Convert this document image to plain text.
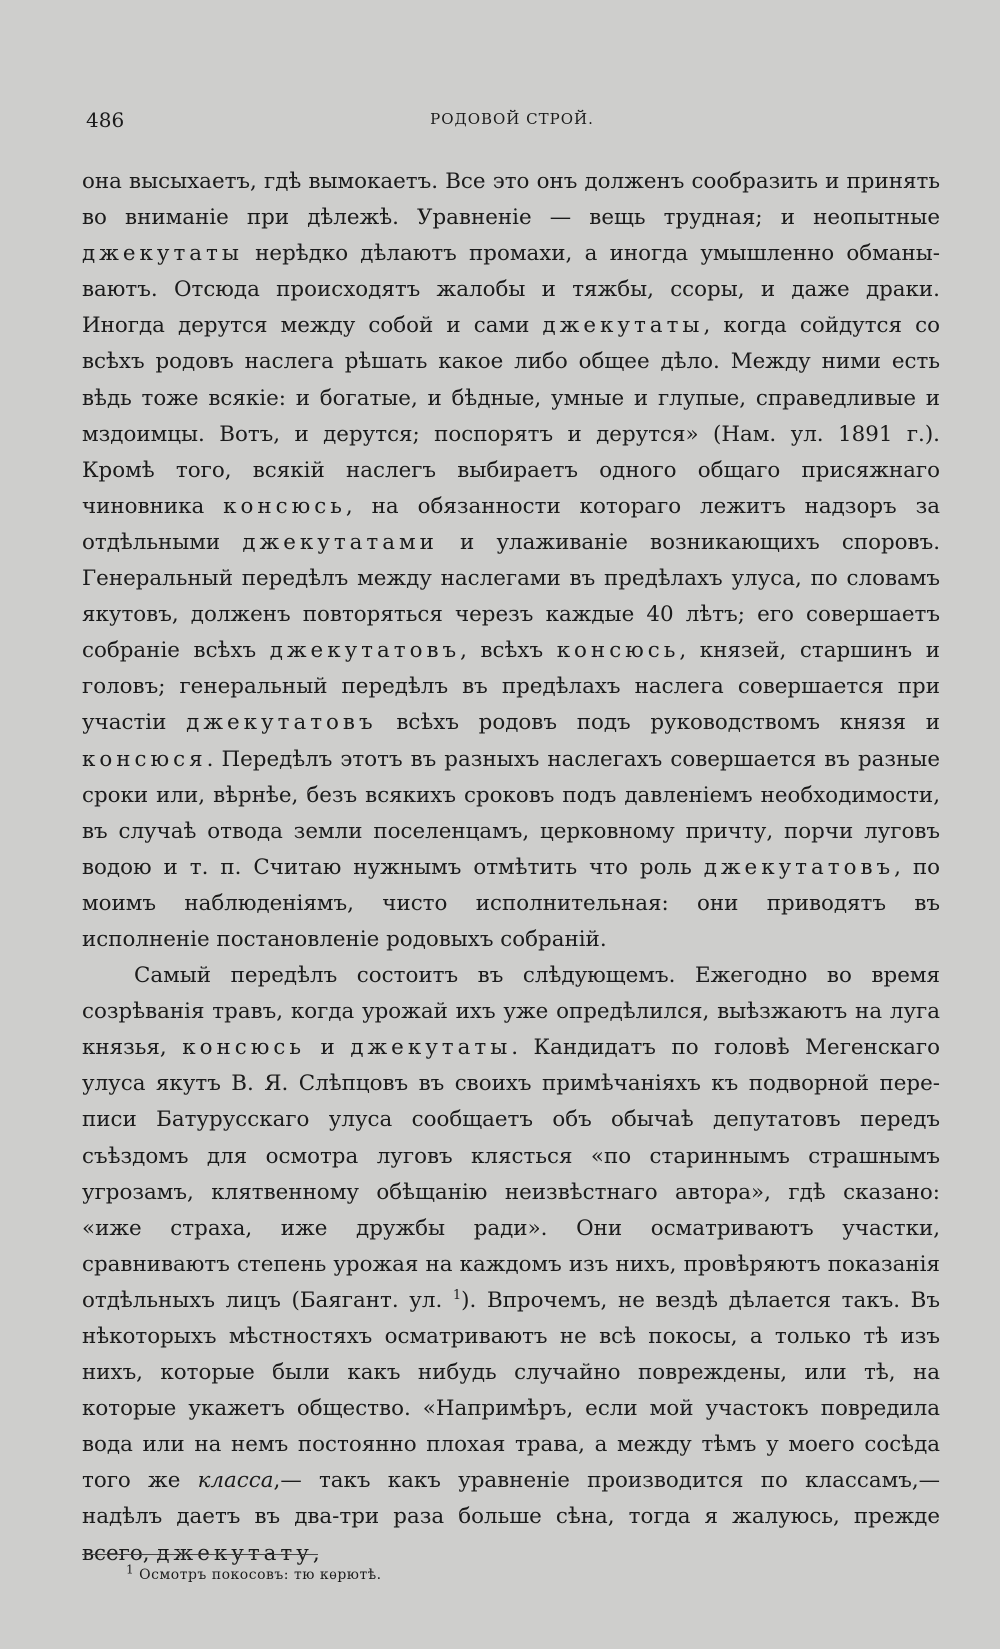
486	РОДОВОЙ СТРОЙ.

она высыхаетъ, гдѣ вымокаетъ. Все это онъ долженъ сообразить и принять во вниманіе при дѣлежѣ. Уравненіе — вещь трудная; и неопытные джекутаты нерѣдко дѣлаютъ промахи, а иногда умышленно обманываютъ. Отсюда происходятъ жалобы и тяжбы, ссоры, и даже драки. Иногда дерутся между собой и сами джекутаты, когда сойдутся со всѣхъ родовъ наслега рѣшать какое либо общее дѣло. Между ними есть вѣдь тоже всякіе: и богатые, и бѣдные, умные и глупые, справедливые и мздоимцы. Вотъ, и дерутся; поспорятъ и дерутся» (Нам. ул. 1891 г.). Кромѣ того, всякій наслегъ выбираетъ одного общаго присяжнаго чиновника консюсь, на обязанности котораго лежитъ надзоръ за отдѣльными джекутатами и улаживаніе возникающихъ споровъ. Генеральный передѣлъ между наслегами въ предѣлахъ улуса, по словамъ якутовъ, долженъ повторяться черезъ каждые 40 лѣтъ; его совершаетъ собраніе всѣхъ джекутатовъ, всѣхъ консюсь, князей, старшинъ и головъ; генеральный передѣлъ въ предѣлахъ наслега совершается при участіи джекутатовъ всѣхъ родовъ подъ руководствомъ князя и консюся. Передѣлъ этотъ въ разныхъ наслегахъ совершается въ разные сроки или, вѣрнѣе, безъ всякихъ сроковъ подъ давленіемъ необходимости, въ случаѣ отвода земли поселенцамъ, церковному причту, порчи луговъ водою и т. п. Считаю нужнымъ отмѣтить что роль джекутатовъ, по моимъ наблюденіямъ, чисто исполнительная: они приводятъ въ исполненіе постановленіе родовыхъ собраній.

Самый передѣлъ состоитъ въ слѣдующемъ. Ежегодно во время созрѣванія травъ, когда урожай ихъ уже опредѣлился, выѣзжаютъ на луга князья, консюсь и джекутаты. Кандидатъ по головѣ Мегенскаго улуса якутъ В. Я. Слѣпцовъ въ своихъ примѣчаніяхъ къ подворной переписи Батурусскаго улуса сообщаетъ объ обычаѣ депутатовъ передъ съѣздомъ для осмотра луговъ клясться «по стариннымъ страшнымъ угрозамъ, клятвенному обѣщанію неизвѣстнаго автора», гдѣ сказано: «иже страха, иже дружбы ради». Они осматриваютъ участки, сравниваютъ степень урожая на каждомъ изъ нихъ, провѣряютъ показанія отдѣльныхъ лицъ (Баягант. ул. $^1$). Впрочемъ, не вездѣ дѣлается такъ. Въ нѣкоторыхъ мѣстностяхъ осматриваютъ не всѣ покосы, а только тѣ изъ нихъ, которые были какъ нибудь случайно повреждены, или тѣ, на которые укажетъ общество. «Напримѣръ, если мой участокъ повредила вода или на немъ постоянно плохая трава, а между тѣмъ у моего сосѣда того же класса,— такъ какъ уравненіе производится по классамъ,— надѣлъ даетъ въ два-три раза больше сѣна, тогда я жалуюсь, прежде всего, джекутату,

1 Осмотръ покосовъ: тю кѳрютѣ.
